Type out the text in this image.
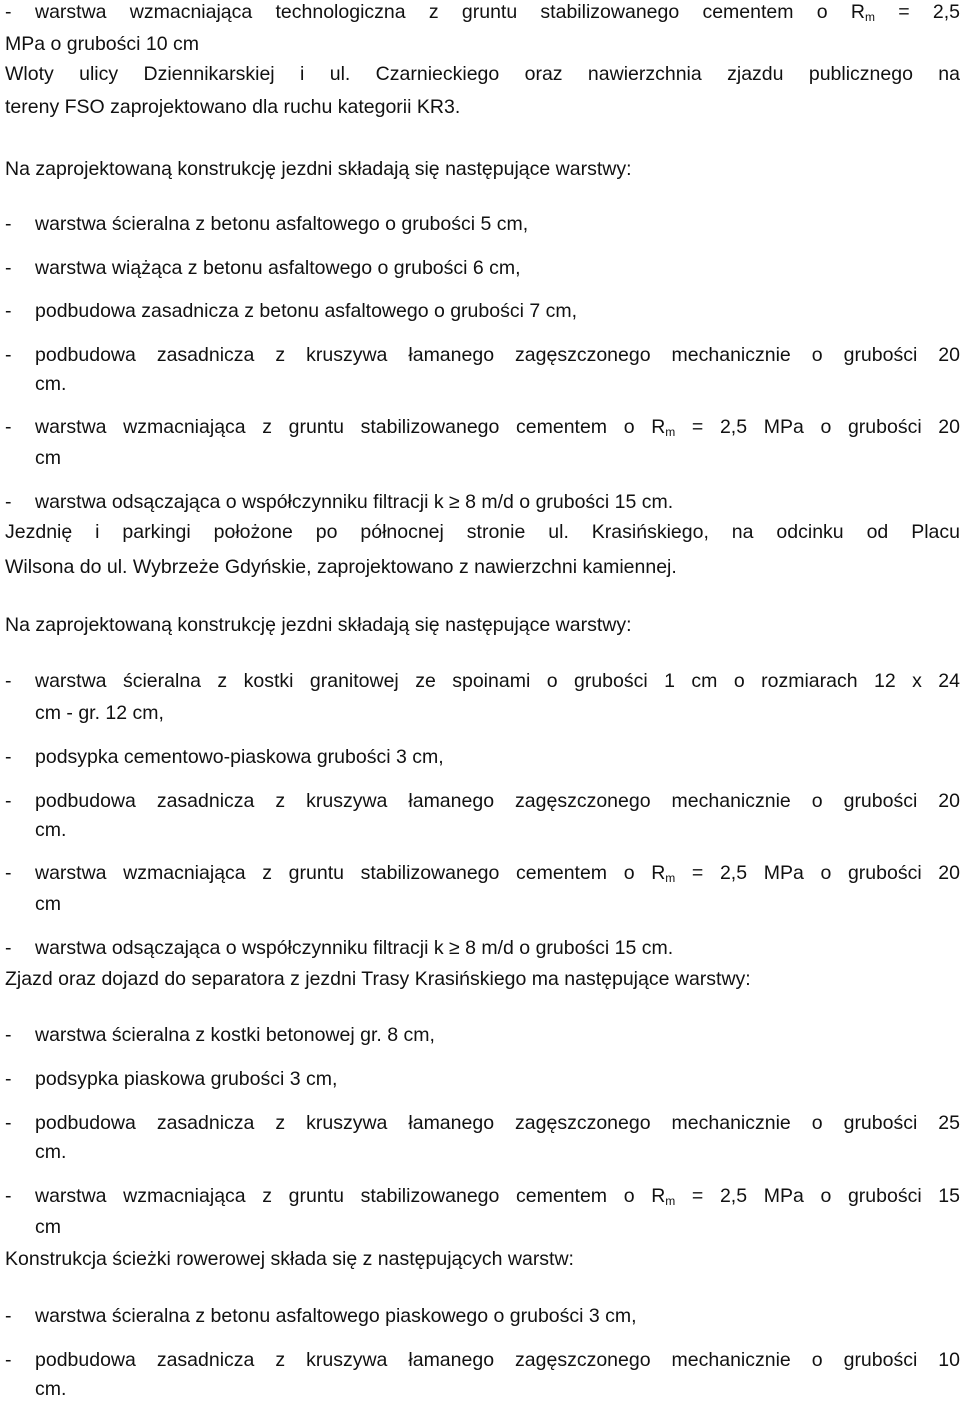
- warstwa wzmacniająca technologiczna z gruntu stabilizowanego cementem o $R_m = 2,5$
MPa o grubości 10 cm
Wloty ulicy Dziennikarskiej i ul. Czarnieckiego oraz nawierzchnia zjazdu publicznego na
tereny FSO zaprojektowano dla ruchu kategorii KR3.
Na zaprojektowaną konstrukcję jezdni składają się następujące warstwy:
- warstwa ścieralna z betonu asfaltowego o grubości 5 cm,
- warstwa wiążąca z betonu asfaltowego o grubości 6 cm,
- podbudowa zasadnicza z betonu asfaltowego o grubości 7 cm,
- podbudowa zasadnicza z kruszywa łamanego zagęszczonego mechanicznie o grubości 20
cm.
- warstwa wzmacniająca z gruntu stabilizowanego cementem o $R_m = 2,5$ MPa o grubości 20
cm
- warstwa odsączająca o współczynniku filtracji k ≥ 8 m/d o grubości 15 cm.
Jezdnię i parkingi położone po północnej stronie ul. Krasińskiego, na odcinku od Placu
Wilsona do ul. Wybrzeże Gdyńskie, zaprojektowano z nawierzchni kamiennej.
Na zaprojektowaną konstrukcję jezdni składają się następujące warstwy:
- warstwa ścieralna z kostki granitowej ze spoinami o grubości 1 cm o rozmiarach 12 x 24
cm - gr. 12 cm,
- podsypka cementowo-piaskowa grubości 3 cm,
- podbudowa zasadnicza z kruszywa łamanego zagęszczonego mechanicznie o grubości 20
cm.
- warstwa wzmacniająca z gruntu stabilizowanego cementem o $R_m = 2,5$ MPa o grubości 20
cm
- warstwa odsączająca o współczynniku filtracji k ≥ 8 m/d o grubości 15 cm.
Zjazd oraz dojazd do separatora z jezdni Trasy Krasińskiego ma następujące warstwy:
- warstwa ścieralna z kostki betonowej gr. 8 cm,
- podsypka piaskowa grubości 3 cm,
- podbudowa zasadnicza z kruszywa łamanego zagęszczonego mechanicznie o grubości 25
cm.
- warstwa wzmacniająca z gruntu stabilizowanego cementem o $R_m = 2,5$ MPa o grubości 15
cm
Konstrukcja ścieżki rowerowej składa się z następujących warstw:
- warstwa ścieralna z betonu asfaltowego piaskowego o grubości 3 cm,
- podbudowa zasadnicza z kruszywa łamanego zagęszczonego mechanicznie o grubości 10
cm.
